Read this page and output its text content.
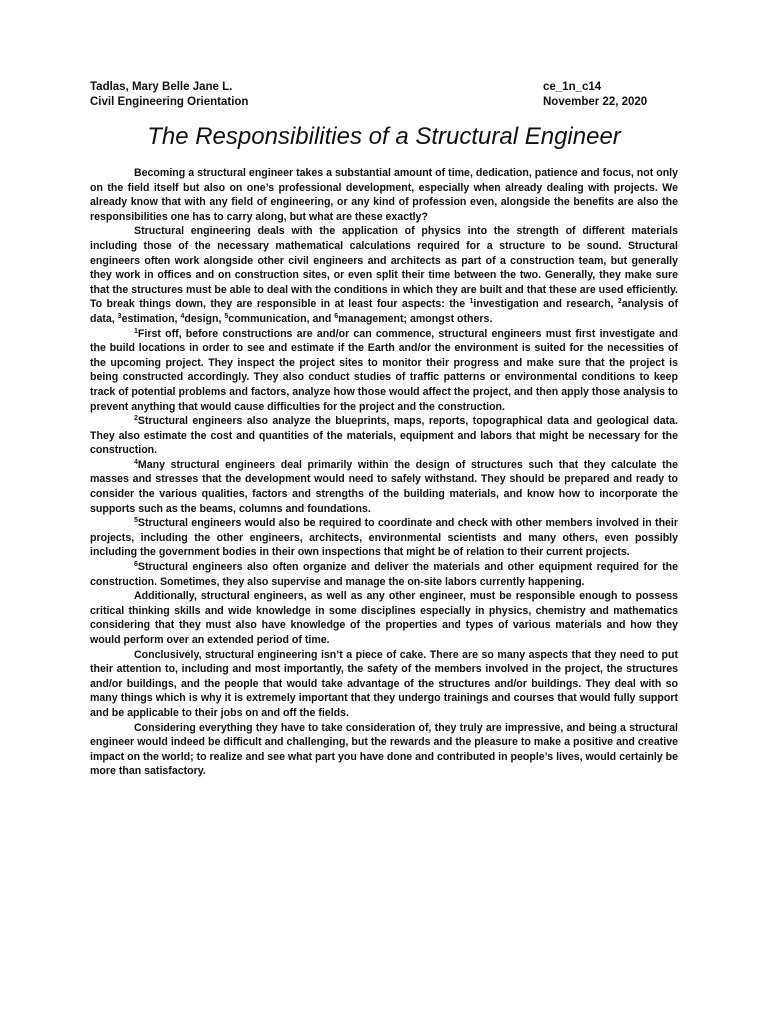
Tadlas, Mary Belle Jane L.
Civil Engineering Orientation
ce_1n_c14
November 22, 2020
The Responsibilities of a Structural Engineer

Becoming a structural engineer takes a substantial amount of time, dedication, patience and focus, not only on the field itself but also on one’s professional development, especially when already dealing with projects. We already know that with any field of engineering, or any kind of profession even, alongside the benefits are also the responsibilities one has to carry along, but what are these exactly?

Structural engineering deals with the application of physics into the strength of different materials including those of the necessary mathematical calculations required for a structure to be sound. Structural engineers often work alongside other civil engineers and architects as part of a construction team, but generally they work in offices and on construction sites, or even split their time between the two. Generally, they make sure that the structures must be able to deal with the conditions in which they are built and that these are used efficiently. To break things down, they are responsible in at least four aspects: the $^1$investigation and research, $^2$analysis of data, $^3$estimation, $^4$design, $^5$communication, and $^6$management; amongst others.

$^1$First off, before constructions are and/or can commence, structural engineers must first investigate and the build locations in order to see and estimate if the Earth and/or the environment is suited for the necessities of the upcoming project. They inspect the project sites to monitor their progress and make sure that the project is being constructed accordingly. They also conduct studies of traffic patterns or environmental conditions to keep track of potential problems and factors, analyze how those would affect the project, and then apply those analysis to prevent anything that would cause difficulties for the project and the construction.

$^2$Structural engineers also analyze the blueprints, maps, reports, topographical data and geological data. They also estimate the cost and quantities of the materials, equipment and labors that might be necessary for the construction.

$^4$Many structural engineers deal primarily within the design of structures such that they calculate the masses and stresses that the development would need to safely withstand. They should be prepared and ready to consider the various qualities, factors and strengths of the building materials, and know how to incorporate the supports such as the beams, columns and foundations.

$^5$Structural engineers would also be required to coordinate and check with other members involved in their projects, including the other engineers, architects, environmental scientists and many others, even possibly including the government bodies in their own inspections that might be of relation to their current projects.

$^6$Structural engineers also often organize and deliver the materials and other equipment required for the construction. Sometimes, they also supervise and manage the on-site labors currently happening.

Additionally, structural engineers, as well as any other engineer, must be responsible enough to possess critical thinking skills and wide knowledge in some disciplines especially in physics, chemistry and mathematics considering that they must also have knowledge of the properties and types of various materials and how they would perform over an extended period of time.

Conclusively, structural engineering isn’t a piece of cake. There are so many aspects that they need to put their attention to, including and most importantly, the safety of the members involved in the project, the structures and/or buildings, and the people that would take advantage of the structures and/or buildings. They deal with so many things which is why it is extremely important that they undergo trainings and courses that would fully support and be applicable to their jobs on and off the fields.

Considering everything they have to take consideration of, they truly are impressive, and being a structural engineer would indeed be difficult and challenging, but the rewards and the pleasure to make a positive and creative impact on the world; to realize and see what part you have done and contributed in people’s lives, would certainly be more than satisfactory.
